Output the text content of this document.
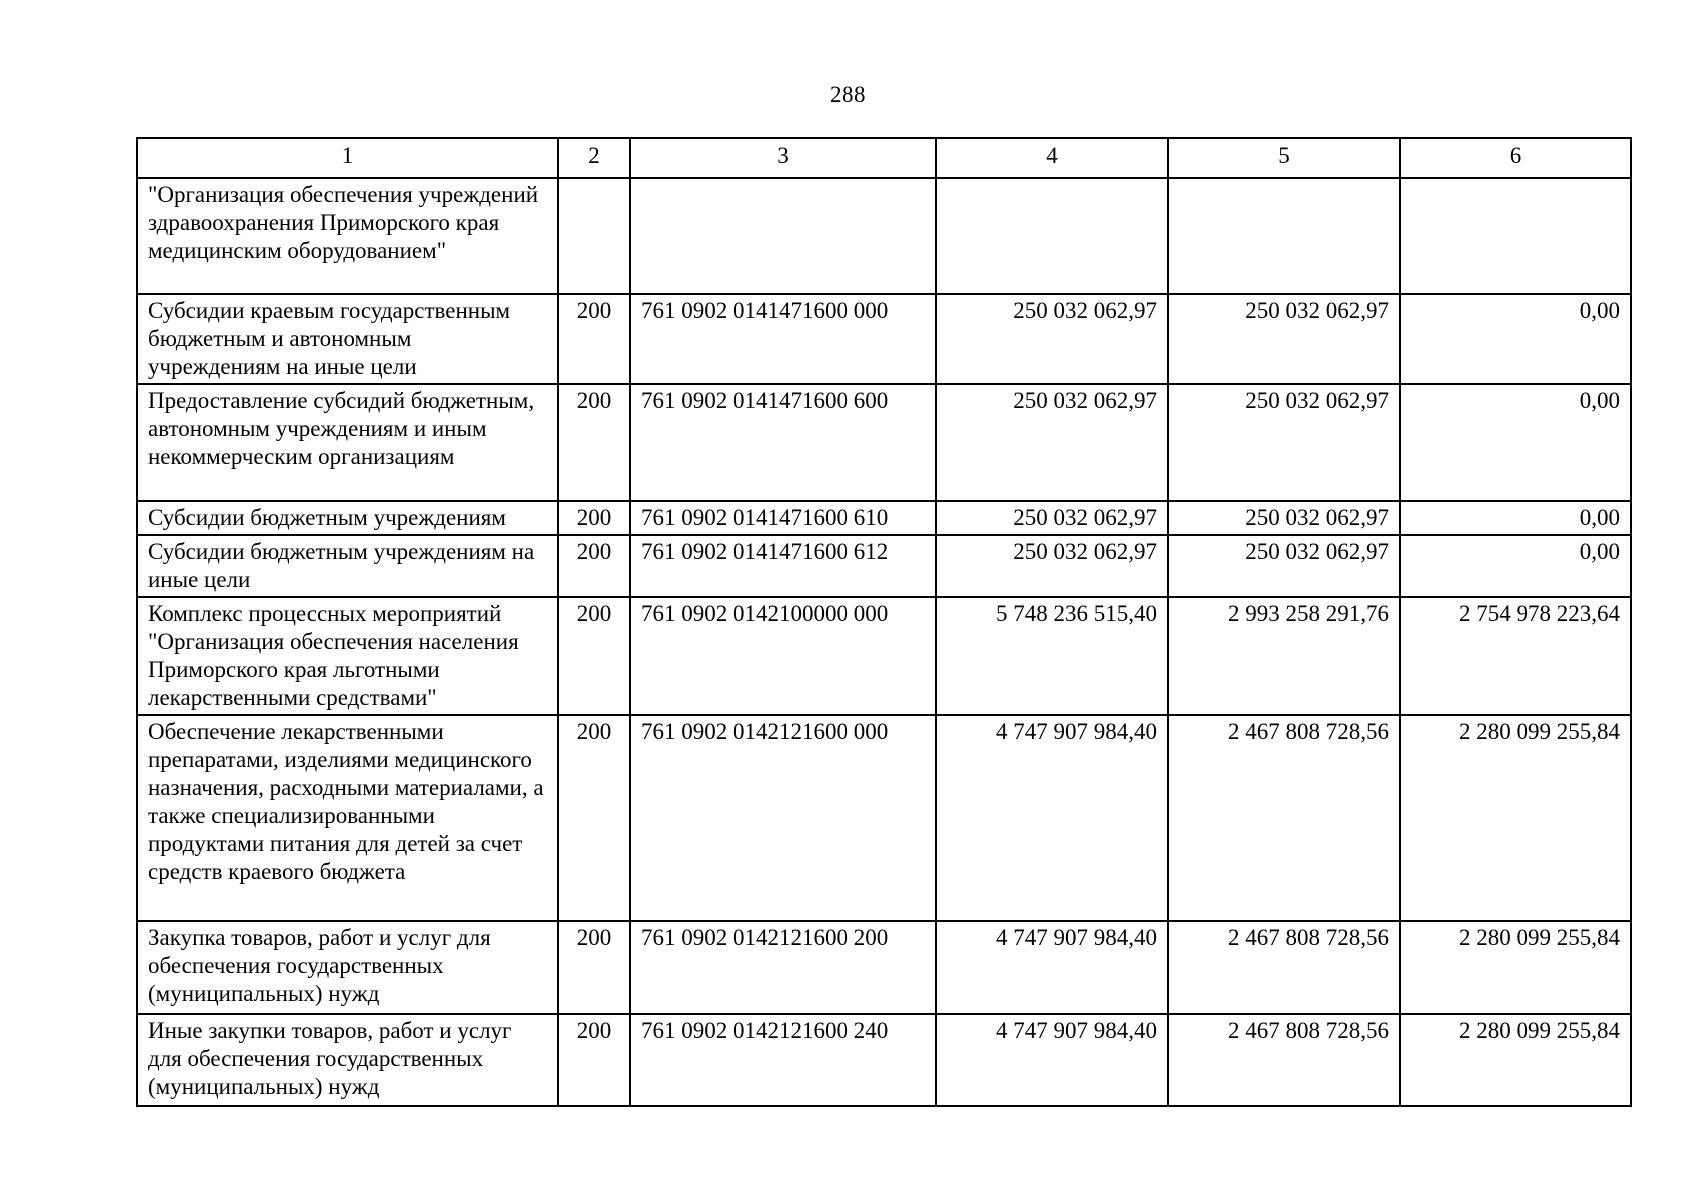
288
1	2	3	4	5	6
"Организация обеспечения учреждений здравоохранения Приморского края медицинским оборудованием"					
Субсидии краевым государственным бюджетным и автономным учреждениям на иные цели	200	761 0902 0141471600 000	250 032 062,97	250 032 062,97	0,00
Предоставление субсидий бюджетным, автономным учреждениям и иным некоммерческим организациям	200	761 0902 0141471600 600	250 032 062,97	250 032 062,97	0,00
Субсидии бюджетным учреждениям	200	761 0902 0141471600 610	250 032 062,97	250 032 062,97	0,00
Субсидии бюджетным учреждениям на иные цели	200	761 0902 0141471600 612	250 032 062,97	250 032 062,97	0,00
Комплекс процессных мероприятий "Организация обеспечения населения Приморского края льготными лекарственными средствами"	200	761 0902 0142100000 000	5 748 236 515,40	2 993 258 291,76	2 754 978 223,64
Обеспечение лекарственными препаратами, изделиями медицинского назначения, расходными материалами, а также специализированными продуктами питания для детей за счет средств краевого бюджета	200	761 0902 0142121600 000	4 747 907 984,40	2 467 808 728,56	2 280 099 255,84
Закупка товаров, работ и услуг для обеспечения государственных (муниципальных) нужд	200	761 0902 0142121600 200	4 747 907 984,40	2 467 808 728,56	2 280 099 255,84
Иные закупки товаров, работ и услуг для обеспечения государственных (муниципальных) нужд	200	761 0902 0142121600 240	4 747 907 984,40	2 467 808 728,56	2 280 099 255,84
